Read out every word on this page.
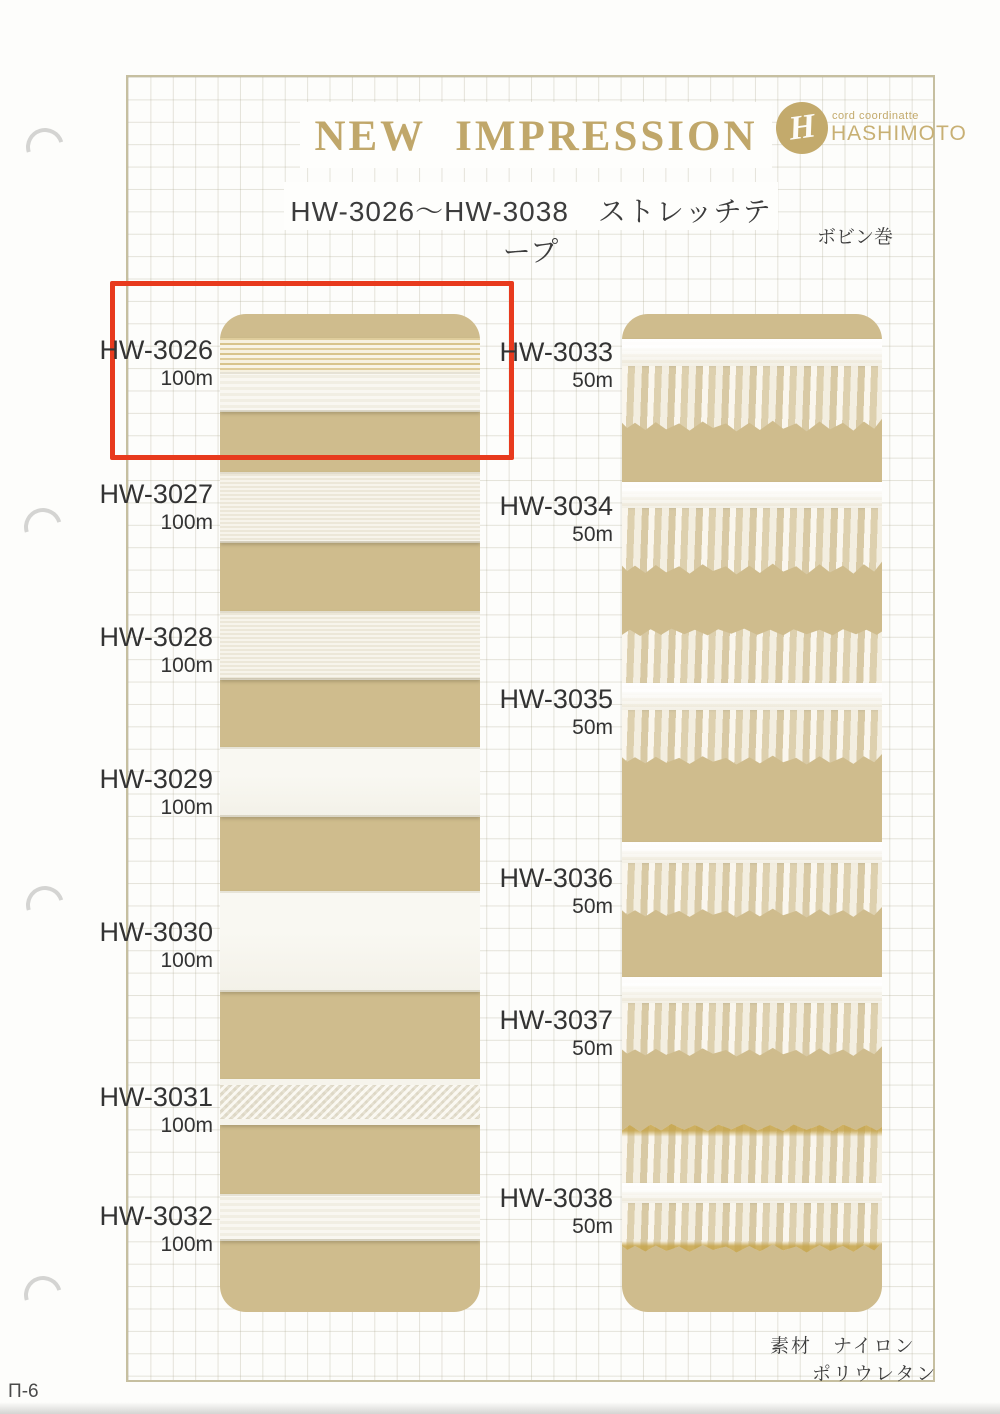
NEW IMPRESSION H cord coordinatte
HASHIMOTO
HW-3026～HW-3038　ストレッチテープ	ボビン巻
HW-3026
100m
HW-3027
100m
HW-3028
100m
HW-3029
100m
HW-3030
100m
HW-3031
100m
HW-3032
100m
HW-3033
50m
HW-3034
50m
HW-3035
50m
HW-3036
50m
HW-3037
50m
HW-3038
50m
素材　ナイロン
ポリウレタン
Π-6
